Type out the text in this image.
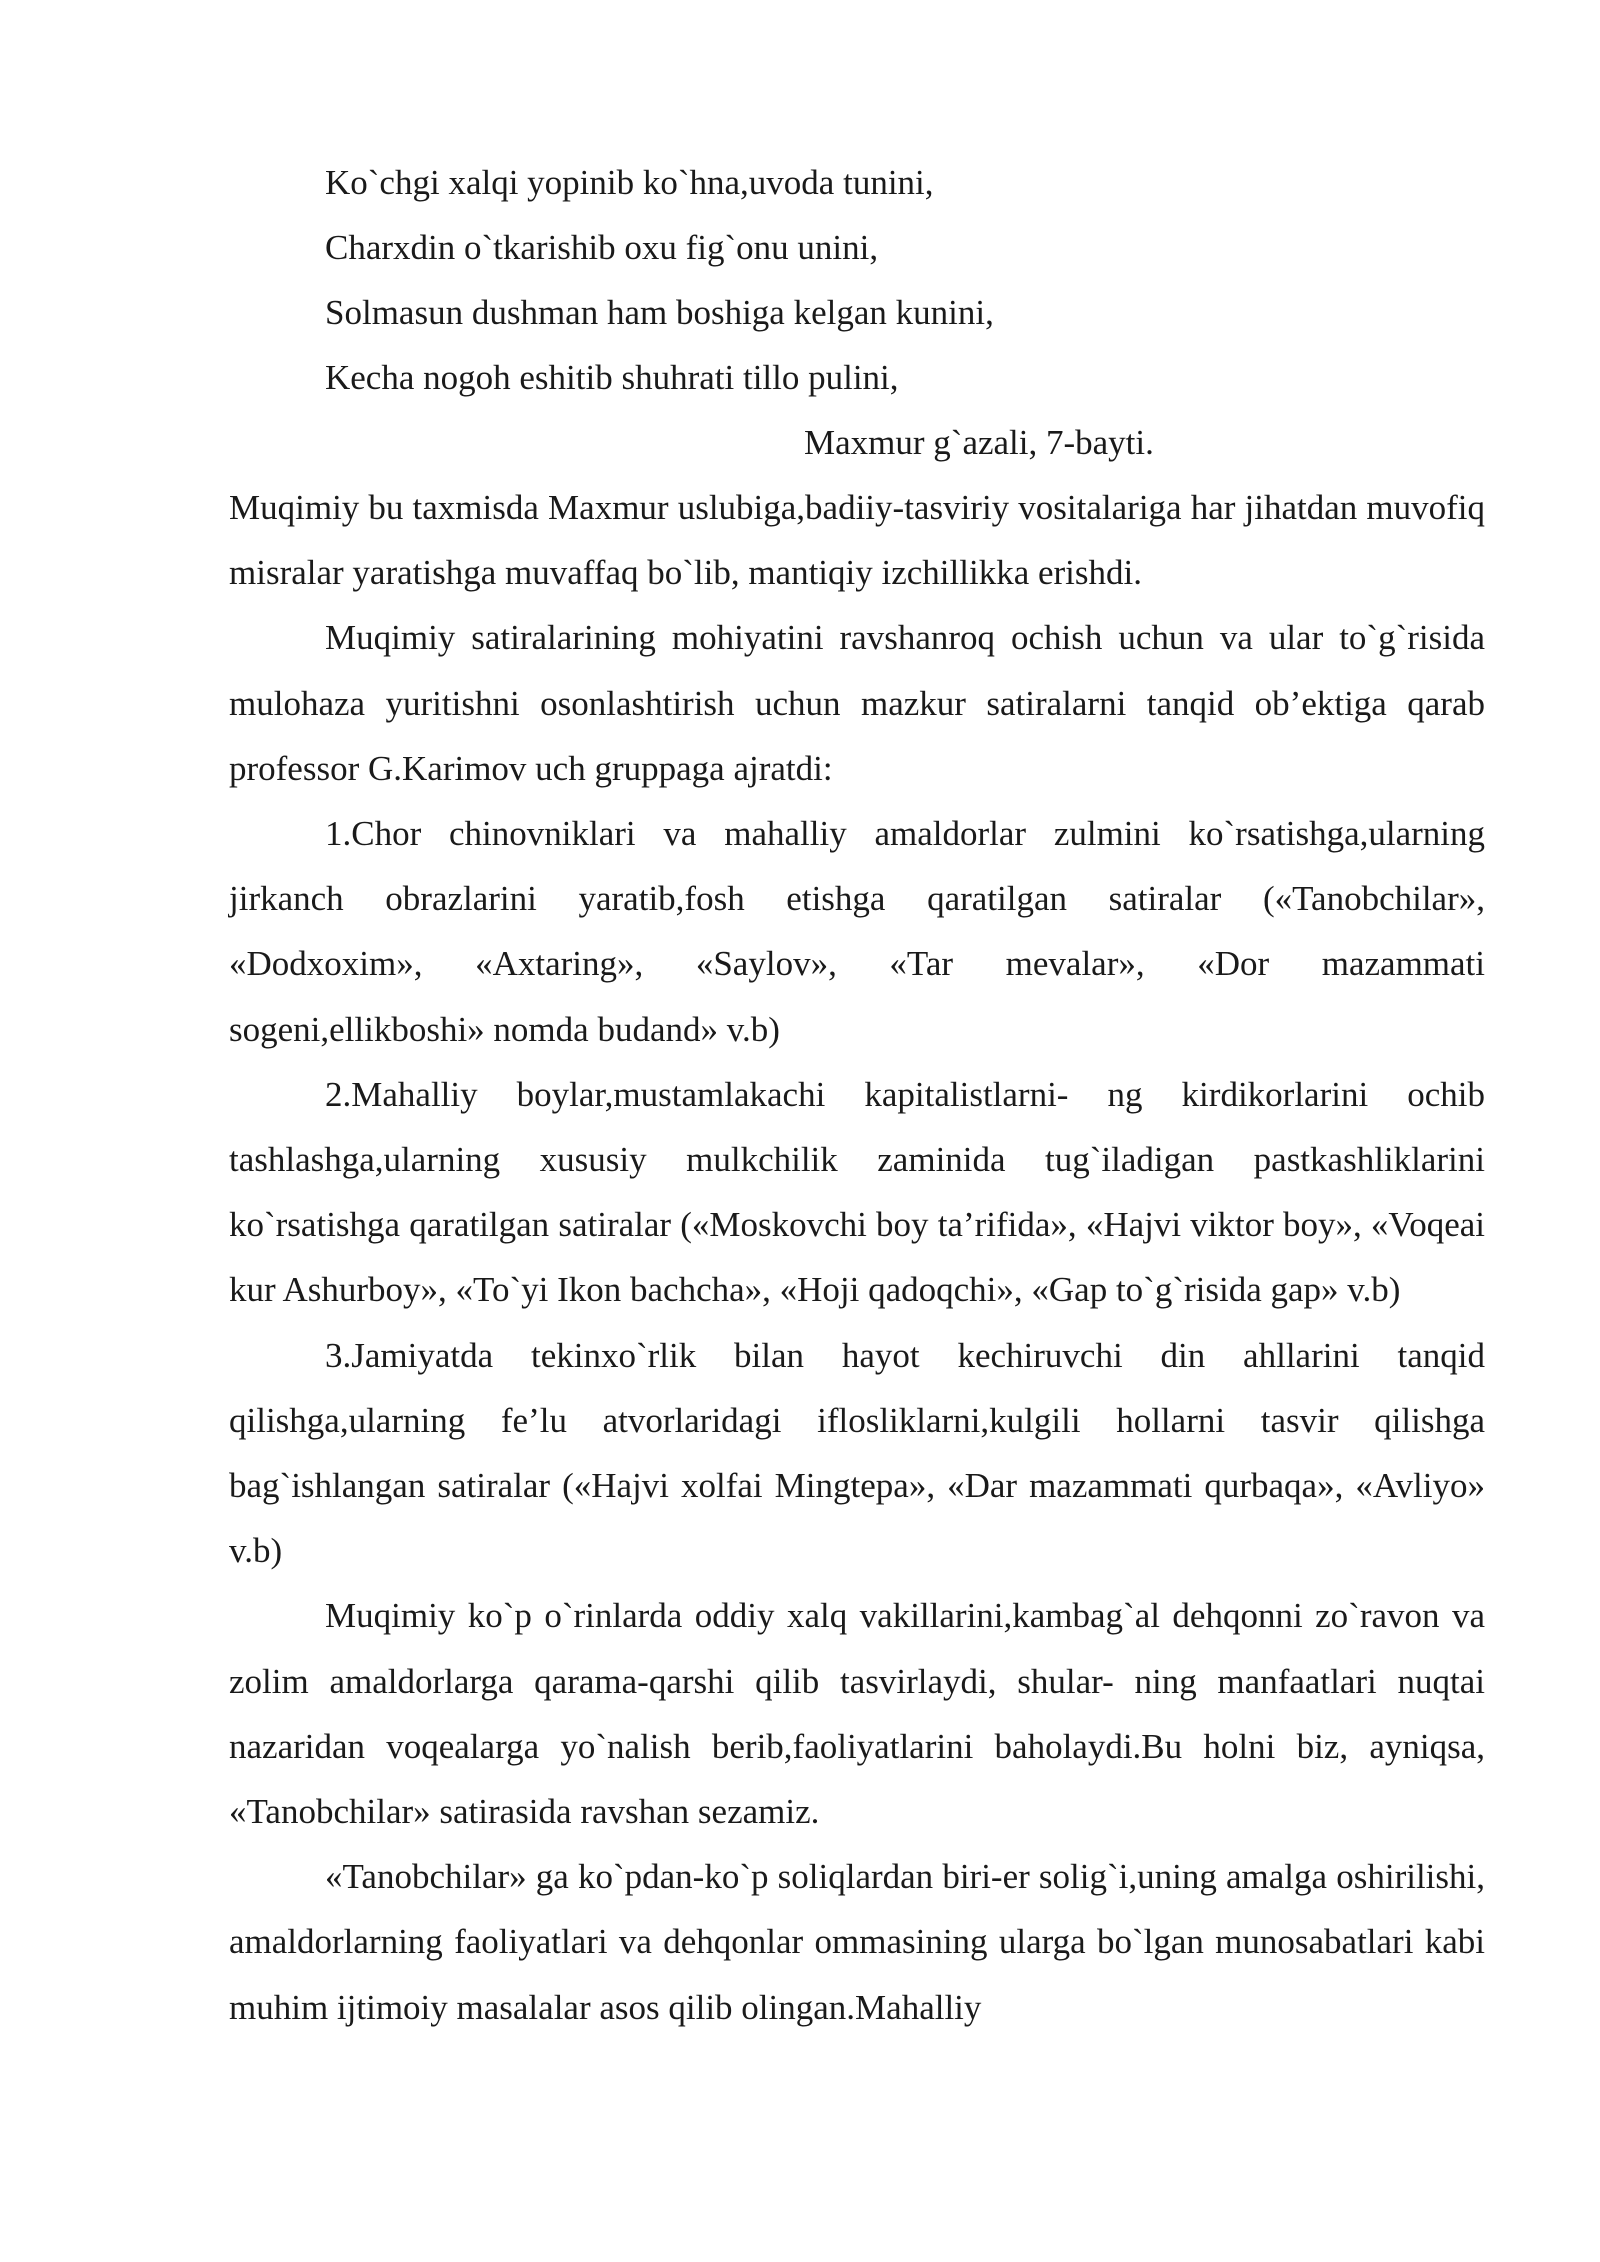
Ko`chgi xalqi yopinib ko`hna,uvoda tunini,

Charxdin o`tkarishib oxu fig`onu unini,

Solmasun dushman ham boshiga kelgan kunini,

Kecha nogoh eshitib shuhrati tillo pulini,

Maxmur g`azali, 7-bayti.

Muqimiy bu taxmisda Maxmur uslubiga,badiiy-tasviriy vositalariga har jihatdan muvofiq misralar yaratishga muvaffaq bo`lib, mantiqiy izchillikka erishdi.

Muqimiy satiralarining mohiyatini ravshanroq ochish uchun va ular to`g`risida mulohaza yuritishni osonlashtirish uchun mazkur satiralarni tanqid ob’ektiga qarab professor G.Karimov uch gruppaga ajratdi:

1.Chor chinovniklari va mahalliy amaldorlar zulmini ko`rsatishga,ularning jirkanch obrazlarini yaratib,fosh etishga qaratilgan satiralar («Tanobchilar», «Dodxoxim», «Axtaring», «Saylov», «Tar mevalar», «Dor mazammati sogeni,ellikboshi» nomda budand» v.b)

2.Mahalliy boylar,mustamlakachi kapitalistlarni- ng kirdikorlarini ochib tashlashga,ularning xususiy mulkchilik zaminida tug`iladigan pastkashliklarini ko`rsatishga qaratilgan satiralar («Moskovchi boy ta’rifida», «Hajvi viktor boy», «Voqeai kur Ashurboy», «To`yi Ikon bachcha», «Hoji qadoqchi», «Gap to`g`risida gap» v.b)

3.Jamiyatda tekinxo`rlik bilan hayot kechiruvchi din ahllarini tanqid qilishga,ularning fe’lu atvorlaridagi iflosliklarni,kulgili hollarni tasvir qilishga bag`ishlangan satiralar («Hajvi xolfai Mingtepa», «Dar mazammati qurbaqa», «Avliyo» v.b)

Muqimiy ko`p o`rinlarda oddiy xalq vakillarini,kambag`al dehqonni zo`ravon va zolim amaldorlarga qarama-qarshi qilib tasvirlaydi, shular- ning manfaatlari nuqtai nazaridan voqealarga yo`nalish berib,faoliyatlarini baholaydi.Bu holni biz, ayniqsa, «Tanobchilar» satirasida ravshan sezamiz.

«Tanobchilar» ga ko`pdan-ko`p soliqlardan biri-er solig`i,uning amalga oshirilishi, amaldorlarning faoliyatlari va dehqonlar ommasining ularga bo`lgan munosabatlari kabi muhim ijtimoiy masalalar asos qilib olingan.Mahalliy
